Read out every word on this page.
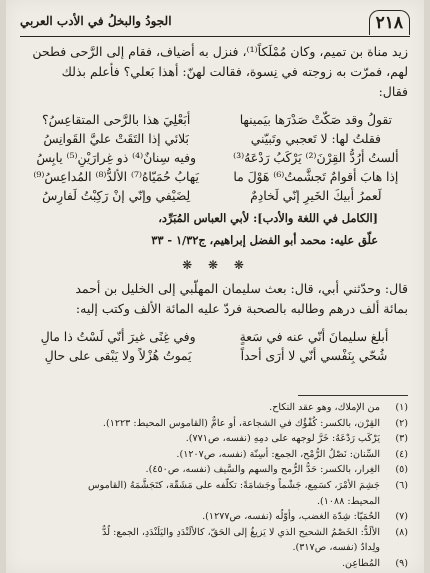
٢١٨
الجودُ والبخلُ في الأدب العربي

زيد مناة بن تميم، وكان مُمْلَكاً⁽¹⁾، فنزل به أضياف، فقام إلى الرَّحى فطحن

لهم، فمرّت به زوجته في نِسوة، فقالت لهنّ: أهذا بَعلي؟ فأعلم بذلك

فقال:

تقولُ وقد صَكّتْ صَدْرَها بيَمينها
أبَعْلِيَ هذا بالرَّحى المتقاعِسُ؟
فقلتُ لها: لا تَعجبي وتَبيّني
بَلائي إذا التَقَتْ عليَّ القَوانِسُ
ألستُ أرُدُّ القِرْنَ⁽²⁾ يَرْكَبُ رَدْعَهُ⁽³⁾
وفيه سِنانٌ⁽⁴⁾ ذو غِرارَيْنِ⁽⁵⁾ يابِسُ
إذا هابَ أقوامٌ تَجشَّمتُ⁽⁶⁾ هَوْلَ ما
يَهابُ حُمَيّاهُ⁽⁷⁾ الألدُّ⁽⁸⁾ المُداعِسُ⁽⁹⁾
لَعمرُ أبيكَ الخَيرِ إنّي لَخادِمٌ
لِضَيْفي وإنّي إنْ رَكِبْتُ لَفارِسُ
[الكامل في اللغة والأدب]: لأبي العباس المُبَرِّد،
علّق عليه: محمد أبو الفضل إبراهيم، ج١/٣٢ - ٣٣
❋ ❋ ❋

قال: وحدّثني أبي، قال: بعث سليمان المهلّبي إلى الخليل بن أحمد

بمائة ألف درهم وطالبه بالصحبة فردّ عليه المائة الألف وكتب إليه:

أبلغ سليمانَ أنّي عنه في سَعةٍ
وفي غِنًى غيرَ أنّي لَسْتُ ذا مالِ
شُحّي بِنَفْسي أنّي لا أرَى أحداً
يَموتُ هُزْلاً ولا يَبْقى على حالِ
(١)
من الإملاك، وهو عقد النكاح.
(٢)
القِرْن، بالكسر: كُفْؤُك في الشجاعة، أو عامٌّ (القاموس المحيط: ١٢٢٣).
(٣)
يَرْكَب رَدْعَهُ: خَرَّ لوجهه على دمِهِ (نفسه، ص٧٧١).
(٤)
السِّنان: نَصْلُ الرُّمْح، الجمع: أسِنّة (نفسه، ص١٢٠٧).
(٥)
الغِرار، بالكسر: حَدُّ الرُّمح والسهم والسَّيف (نفسه، ص٤٥٠).
(٦)
جَشِمَ الأمْرَ، كسَمِع، جَشْماً وجَشامَةً: تكلّفه على مَشَقّة، كتَجَشَّمَهُ (القاموس
المحيط: ١٠٨٨).
(٧)
الحُمَيّا: شِدّة الغضب، وأوّلُه (نفسه، ص١٢٧٧).
(٨)
الألَدُّ: الخَصْمُ الشحيح الذي لا يَزيغُ إلى الحَقّ، كالألَنْدَدِ واليَلَنْدَدِ، الجمع: لُدٌّ
ولِدادٌ (نفسه، ص٣١٧).
(٩)
المُطاعِن.
